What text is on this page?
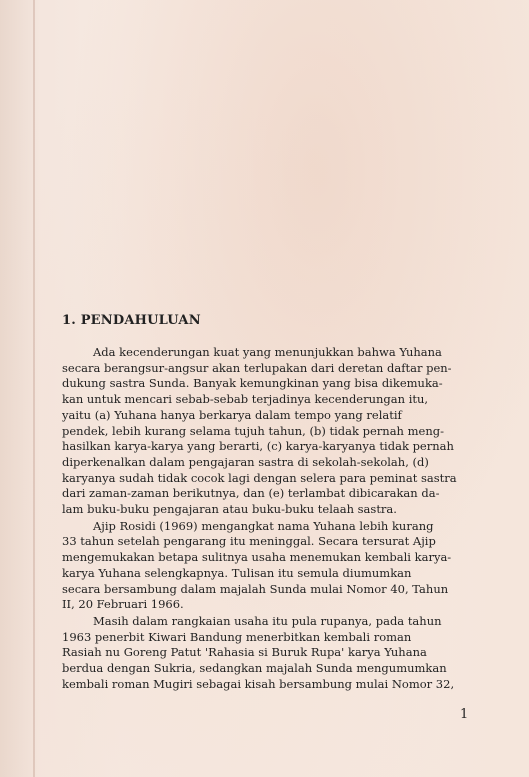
1. PENDAHULUAN

Ada kecenderungan kuat yang menunjukkan bahwa Yuhana
secara berangsur-angsur akan terlupakan dari deretan daftar pen-
dukung sastra Sunda. Banyak kemungkinan yang bisa dikemuka-
kan untuk mencari sebab-sebab terjadinya kecenderungan itu,
yaitu (a) Yuhana hanya berkarya dalam tempo yang relatif
pendek, lebih kurang selama tujuh tahun, (b) tidak pernah meng-
hasilkan karya-karya yang berarti, (c) karya-karyanya tidak pernah
diperkenalkan dalam pengajaran sastra di sekolah-sekolah, (d)
karyanya sudah tidak cocok lagi dengan selera para peminat sastra
dari zaman-zaman berikutnya, dan (e) terlambat dibicarakan da-
lam buku-buku pengajaran atau buku-buku telaah sastra.

Ajip Rosidi (1969) mengangkat nama Yuhana lebih kurang
33 tahun setelah pengarang itu meninggal. Secara tersurat Ajip
mengemukakan betapa sulitnya usaha menemukan kembali karya-
karya Yuhana selengkapnya. Tulisan itu semula diumumkan
secara bersambung dalam majalah Sunda mulai Nomor 40, Tahun
II, 20 Februari 1966.

Masih dalam rangkaian usaha itu pula rupanya, pada tahun
1963 penerbit Kiwari Bandung menerbitkan kembali roman
Rasiah nu Goreng Patut 'Rahasia si Buruk Rupa' karya Yuhana
berdua dengan Sukria, sedangkan majalah Sunda mengumumkan
kembali roman Mugiri sebagai kisah bersambung mulai Nomor 32,

1
